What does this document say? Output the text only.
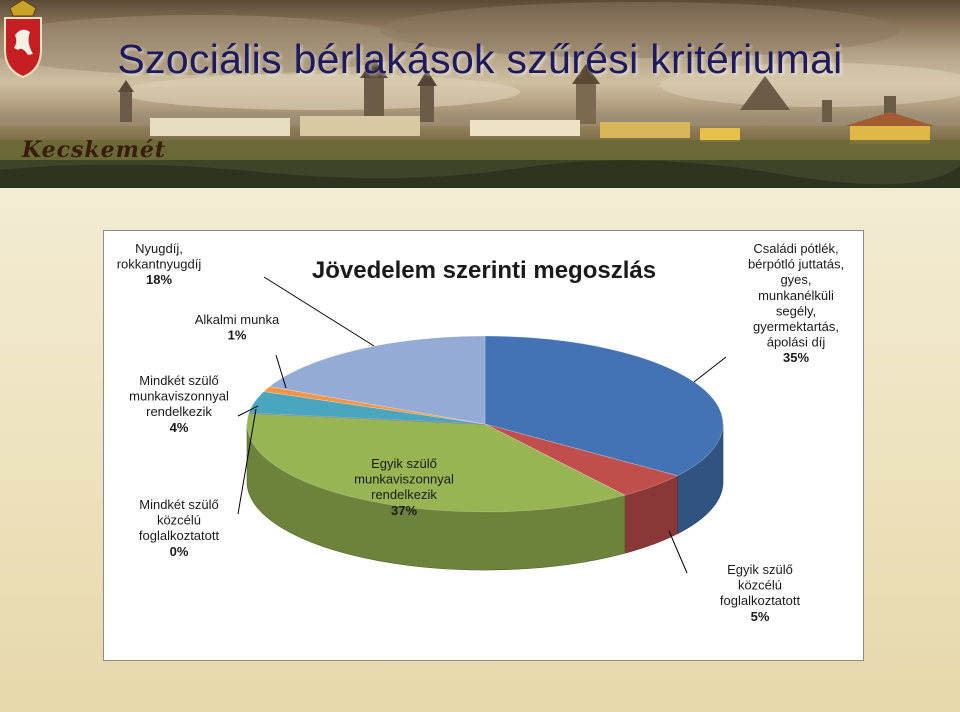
Szociális bérlakások szűrési kritériumai
Kecskemét
Jövedelem szerinti megoszlás
Családi pótlék, bérpótló juttatás, gyes, munkanélküli segély, gyermektartás, ápolási díj 35%
Egyik szülő közcélú foglalkoztatott 5%
Egyik szülő munkaviszonnyal rendelkezik 37%
Mindkét szülő közcélú foglalkoztatott 0%
Mindkét szülő munkaviszonnyal rendelkezik 4%
Alkalmi munka 1%
Nyugdíj, rokkantnyugdíj 18%
